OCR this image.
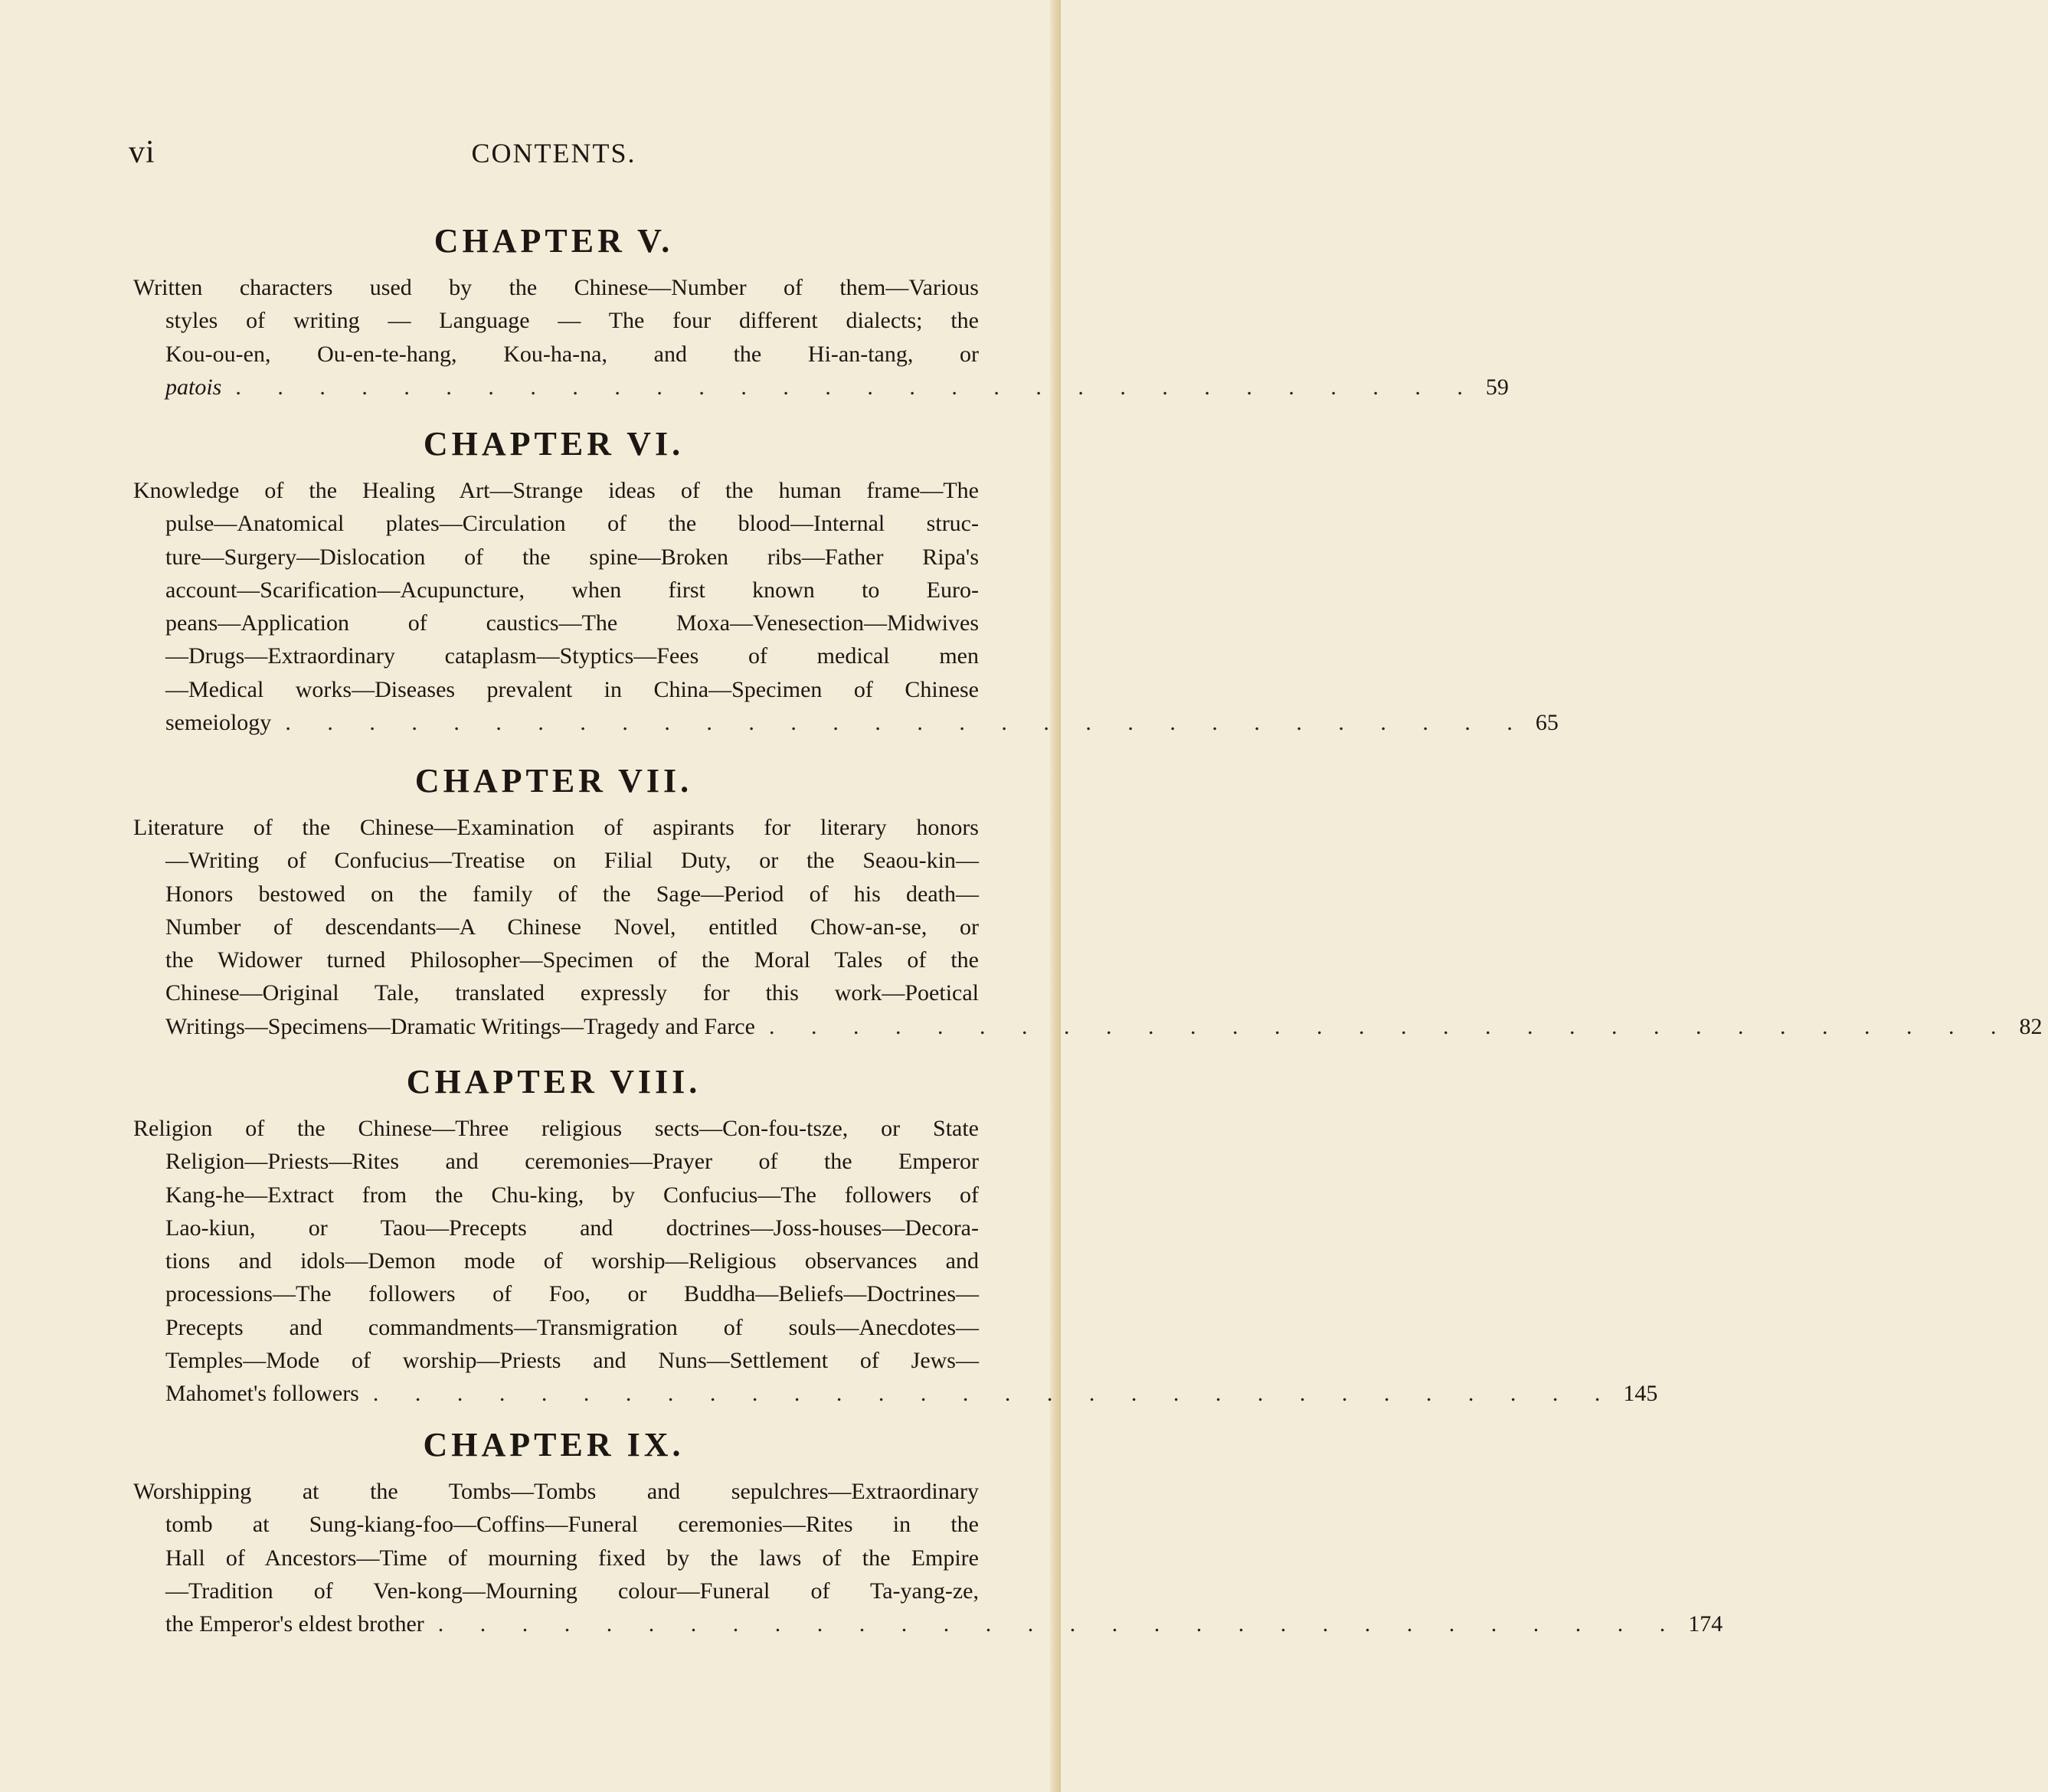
vi	CONTENTS.
CHAPTER V.
Written characters used by the Chinese—Number of them—Various
styles of writing — Language — The four different dialects; the
Kou-ou-en, Ou-en-te-hang, Kou-ha-na, and the Hi-an-tang, or
patois . . . . . . . . . . . . . . . . . . . . . . . . . . . . . . 59
CHAPTER VI.
Knowledge of the Healing Art—Strange ideas of the human frame—The
pulse—Anatomical plates—Circulation of the blood—Internal struc-
ture—Surgery—Dislocation of the spine—Broken ribs—Father Ripa's
account—Scarification—Acupuncture, when first known to Euro-
peans—Application of caustics—The Moxa—Venesection—Midwives
—Drugs—Extraordinary cataplasm—Styptics—Fees of medical men
—Medical works—Diseases prevalent in China—Specimen of Chinese
semeiology . . . . . . . . . . . . . . . . . . . . . . . . . . . . . . 65
CHAPTER VII.
Literature of the Chinese—Examination of aspirants for literary honors
—Writing of Confucius—Treatise on Filial Duty, or the Seaou-kin—
Honors bestowed on the family of the Sage—Period of his death—
Number of descendants—A Chinese Novel, entitled Chow-an-se, or
the Widower turned Philosopher—Specimen of the Moral Tales of the
Chinese—Original Tale, translated expressly for this work—Poetical
Writings—Specimens—Dramatic Writings—Tragedy and Farce . . . . . . . . . . . . . . . . . . . . . . . . . . . . . . 82
CHAPTER VIII.
Religion of the Chinese—Three religious sects—Con-fou-tsze, or State
Religion—Priests—Rites and ceremonies—Prayer of the Emperor
Kang-he—Extract from the Chu-king, by Confucius—The followers of
Lao-kiun, or Taou—Precepts and doctrines—Joss-houses—Decora-
tions and idols—Demon mode of worship—Religious observances and
processions—The followers of Foo, or Buddha—Beliefs—Doctrines—
Precepts and commandments—Transmigration of souls—Anecdotes—
Temples—Mode of worship—Priests and Nuns—Settlement of Jews—
Mahomet's followers . . . . . . . . . . . . . . . . . . . . . . . . . . . . . . 145
CHAPTER IX.
Worshipping at the Tombs—Tombs and sepulchres—Extraordinary
tomb at Sung-kiang-foo—Coffins—Funeral ceremonies—Rites in the
Hall of Ancestors—Time of mourning fixed by the laws of the Empire
—Tradition of Ven-kong—Mourning colour—Funeral of Ta-yang-ze,
the Emperor's eldest brother . . . . . . . . . . . . . . . . . . . . . . . . . . . . . . 174
